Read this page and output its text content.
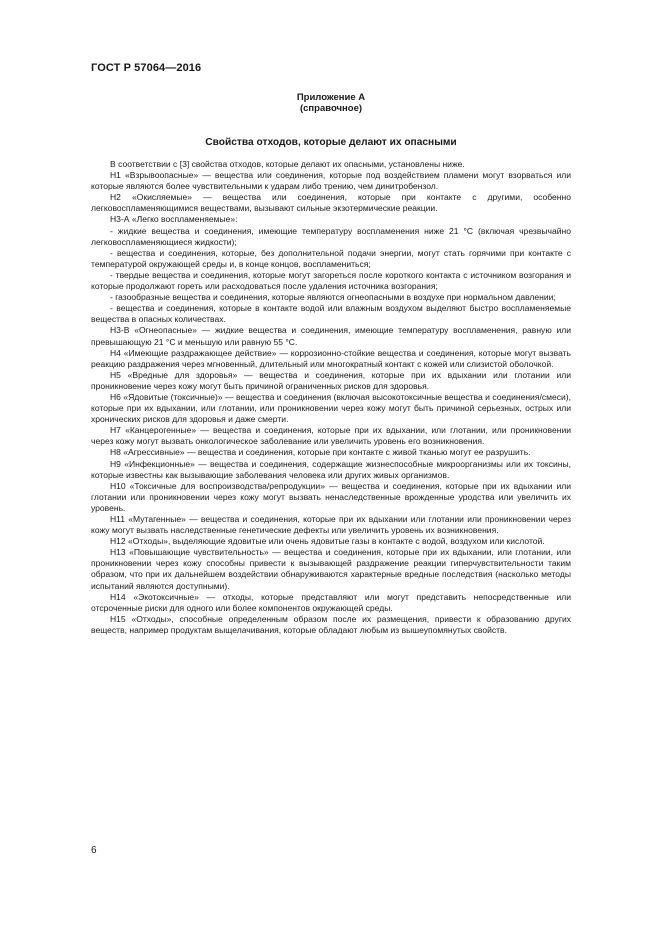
ГОСТ Р 57064—2016
Приложение А
(справочное)
Свойства отходов, которые делают их опасными

В соответствии с [3] свойства отходов, которые делают их опасными, установлены ниже.

Н1 «Взрывоопасные» — вещества или соединения, которые под воздействием пламени могут взорваться или которые являются более чувствительными к ударам либо трению, чем динитробензол.

Н2 «Окисляемые» — вещества или соединения, которые при контакте с другими, особенно легковоспламеняющимися веществами, вызывают сильные экзотермические реакции.

Н3-А «Легко воспламеняемые»:

- жидкие вещества и соединения, имеющие температуру воспламенения ниже 21 °С (включая чрезвычайно легковоспламеняющиеся жидкости);

- вещества и соединения, которые, без дополнительной подачи энергии, могут стать горячими при контакте с температурой окружающей среды и, в конце концов, воспламениться;

- твердые вещества и соединения, которые могут загореться после короткого контакта с источником возгорания и которые продолжают гореть или расходоваться после удаления источника возгорания;

- газообразные вещества и соединения, которые являются огнеопасными в воздухе при нормальном давлении;

- вещества и соединения, которые в контакте водой или влажным воздухом выделяют быстро воспламеняемые вещества в опасных количествах.

Н3-В «Огнеопасные» — жидкие вещества и соединения, имеющие температуру воспламенения, равную или превышающую 21 °С и меньшую или равную 55 °С.

Н4 «Имеющие раздражающее действие» — коррозионно-стойкие вещества и соединения, которые могут вызвать реакцию раздражения через мгновенный, длительный или многократный контакт с кожей или слизистой оболочкой.

Н5 «Вредные для здоровья» — вещества и соединения, которые при их вдыхании или глотании или проникновение через кожу могут быть причиной ограниченных рисков для здоровья.

Н6 «Ядовитые (токсичные)» — вещества и соединения (включая высокотоксичные вещества и соединения/смеси), которые при их вдыхании, или глотании, или проникновении через кожу могут быть причиной серьезных, острых или хронических рисков для здоровья и даже смерти.

Н7 «Канцерогенные» — вещества и соединения, которые при их вдыхании, или глотании, или проникновении через кожу могут вызвать онкологическое заболевание или увеличить уровень его возникновения.

Н8 «Агрессивные» — вещества и соединения, которые при контакте с живой тканью могут ее разрушить.

Н9 «Инфекционные» — вещества и соединения, содержащие жизнеспособные микроорганизмы или их токсины, которые известны как вызывающие заболевания человека или других живых организмов.

Н10 «Токсичные для воспроизводства/репродукции» — вещества и соединения, которые при их вдыхании или глотании или проникновении через кожу могут вызвать ненаследственные врожденные уродства или увеличить их уровень.

Н11 «Мутагенные» — вещества и соединения, которые при их вдыхании или глотании или проникновении через кожу могут вызвать наследственные генетические дефекты или увеличить уровень их возникновения.

Н12 «Отходы», выделяющие ядовитые или очень ядовитые газы в контакте с водой, воздухом или кислотой.

Н13 «Повышающие чувствительность» — вещества и соединения, которые при их вдыхании, или глотании, или проникновении через кожу способны привести к вызывающей раздражение реакции гиперчувствительности таким образом, что при их дальнейшем воздействии обнаруживаются характерные вредные последствия (насколько методы испытаний являются доступными).

Н14 «Экотоксичные» — отходы, которые представляют или могут представить непосредственные или отсроченные риски для одного или более компонентов окружающей среды.

Н15 «Отходы», способные определенным образом после их размещения, привести к образованию других веществ, например продуктам выщелачивания, которые обладают любым из вышеупомянутых свойств.

6
